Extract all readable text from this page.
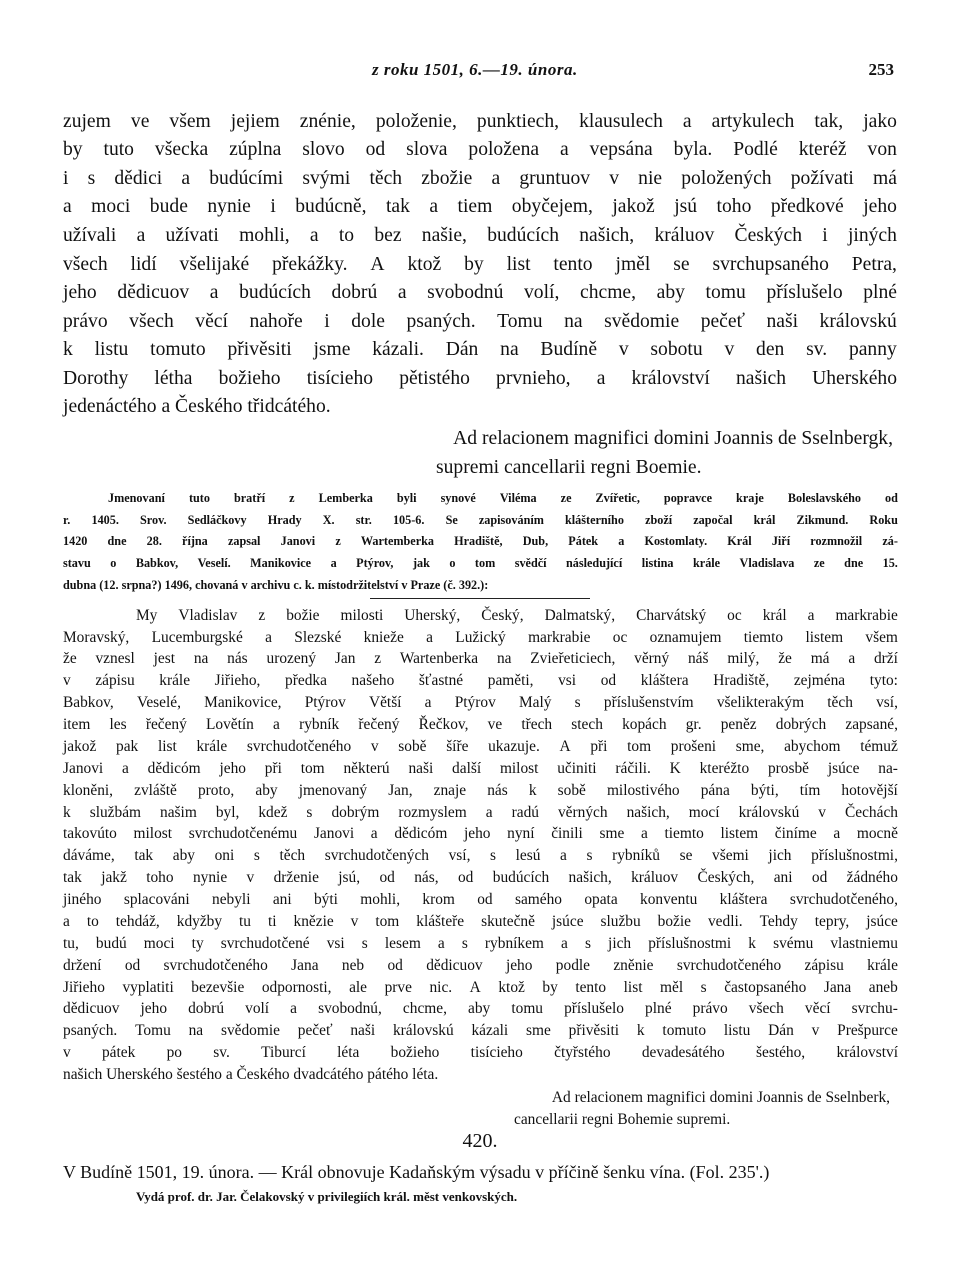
z roku 1501, 6.—19. února.	253
zujem ve všem jejiem znénie, položenie, punktiech, klausulech a artykulech tak, jako
by tuto všecka zúplna slovo od slova položena a vepsána byla. Podlé kteréž von
i s dědici a budúcími svými těch zbožie a gruntuov v nie položených požívati má
a moci bude nynie i budúcně, tak a tiem obyčejem, jakož jsú toho předkové jeho
užívali a užívati mohli, a to bez našie, budúcích našich, králuov Českých i jiných
všech lidí všelijaké překážky. A ktož by list tento jměl se svrchupsaného Petra,
jeho dědicuov a budúcích dobrú a svobodnú volí, chcme, aby tomu příslušelo plné
právo všech věcí nahoře i dole psaných. Tomu na svědomie pečeť naši královskú
k listu tomuto přivěsiti jsme kázali. Dán na Budíně v sobotu v den sv. panny
Dorothy létha božieho tisícieho pětistého prvnieho, a království našich Uherského
jedenáctého a Českého třidcátého.
Ad relacionem magnifici domini Joannis de Sselnbergk,
supremi cancellarii regni Boemie.
Jmenovaní tuto bratří z Lemberka byli synové Viléma ze Zvířetic, popravce kraje Boleslavského od
r. 1405. Srov. Sedláčkovy Hrady X. str. 105-6. Se zapisováním klášterního zboží započal král Zikmund. Roku
1420 dne 28. října zapsal Janovi z Wartemberka Hradiště, Dub, Pátek a Kostomlaty. Král Jiří rozmnožil zá-
stavu o Babkov, Veselí. Manikovice a Ptýrov, jak o tom svědčí následující listina krále Vladislava ze dne 15.
dubna (12. srpna?) 1496, chovaná v archivu c. k. místodržitelství v Praze (č. 392.):
My Vladislav z božie milosti Uherský, Český, Dalmatský, Charvátský oc král a markrabie
Moravský, Lucemburgské a Slezské knieže a Lužický markrabie oc oznamujem tiemto listem všem
že vznesl jest na nás urozený Jan z Wartenberka na Zvieřeticiech, věrný náš milý, že má a drží
v zápisu krále Jiřieho, předka našeho šťastné paměti, vsi od kláštera Hradiště, zejména tyto:
Babkov, Veselé, Manikovice, Ptýrov Větší a Ptýrov Malý s příslušenstvím všelikterakým těch vsí,
item les řečený Lovětín a rybník řečený Řečkov, ve třech stech kopách gr. peněz dobrých zapsané,
jakož pak list krále svrchudotčeného v sobě šíře ukazuje. A při tom prošeni sme, abychom témuž
Janovi a dědicóm jeho při tom některú naši další milost učiniti ráčili. K kteréžto prosbě jsúce na-
kloněni, zvláště proto, aby jmenovaný Jan, znaje nás k sobě milostivého pána býti, tím hotovější
k službám našim byl, kdež s dobrým rozmyslem a radú věrných našich, mocí královskú v Čechách
takovúto milost svrchudotčenému Janovi a dědicóm jeho nyní činili sme a tiemto listem činíme a mocně
dáváme, tak aby oni s těch svrchudotčených vsí, s lesú a s rybníků se všemi jich příslušnostmi,
tak jakž toho nynie v drženie jsú, od nás, od budúcích našich, králuov Českých, ani od žádného
jiného splacováni nebyli ani býti mohli, krom od samého opata konventu kláštera svrchudotčeného,
a to tehdáž, kdyžby tu ti knězie v tom klášteře skutečně jsúce službu božie vedli. Tehdy tepry, jsúce
tu, budú moci ty svrchudotčené vsi s lesem a s rybníkem a s jich příslušnostmi k svému vlastniemu
držení od svrchudotčeného Jana neb od dědicuov jeho podle zněnie svrchudotčeného zápisu krále
Jiřieho vyplatiti bezevšie odpornosti, ale prve nic. A ktož by tento list měl s častopsaného Jana aneb
dědicuov jeho dobrú volí a svobodnú, chcme, aby tomu příslušelo plné právo všech věcí svrchu-
psaných. Tomu na svědomie pečeť naši královskú kázali sme přivěsiti k tomuto listu Dán v Prešpurce
v pátek po sv. Tiburcí léta božieho tisícieho čtyřstého devadesátého šestého, království
našich Uherského šestého a Českého dvadcátého pátého léta.
Ad relacionem magnifici domini Joannis de Sselnberk,
cancellarii regni Bohemie supremi.
420.
V Budíně 1501, 19. února. — Král obnovuje Kadaňským výsadu v příčině šenku vína. (Fol. 235'.)
Vydá prof. dr. Jar. Čelakovský v privilegiích král. měst venkovských.
